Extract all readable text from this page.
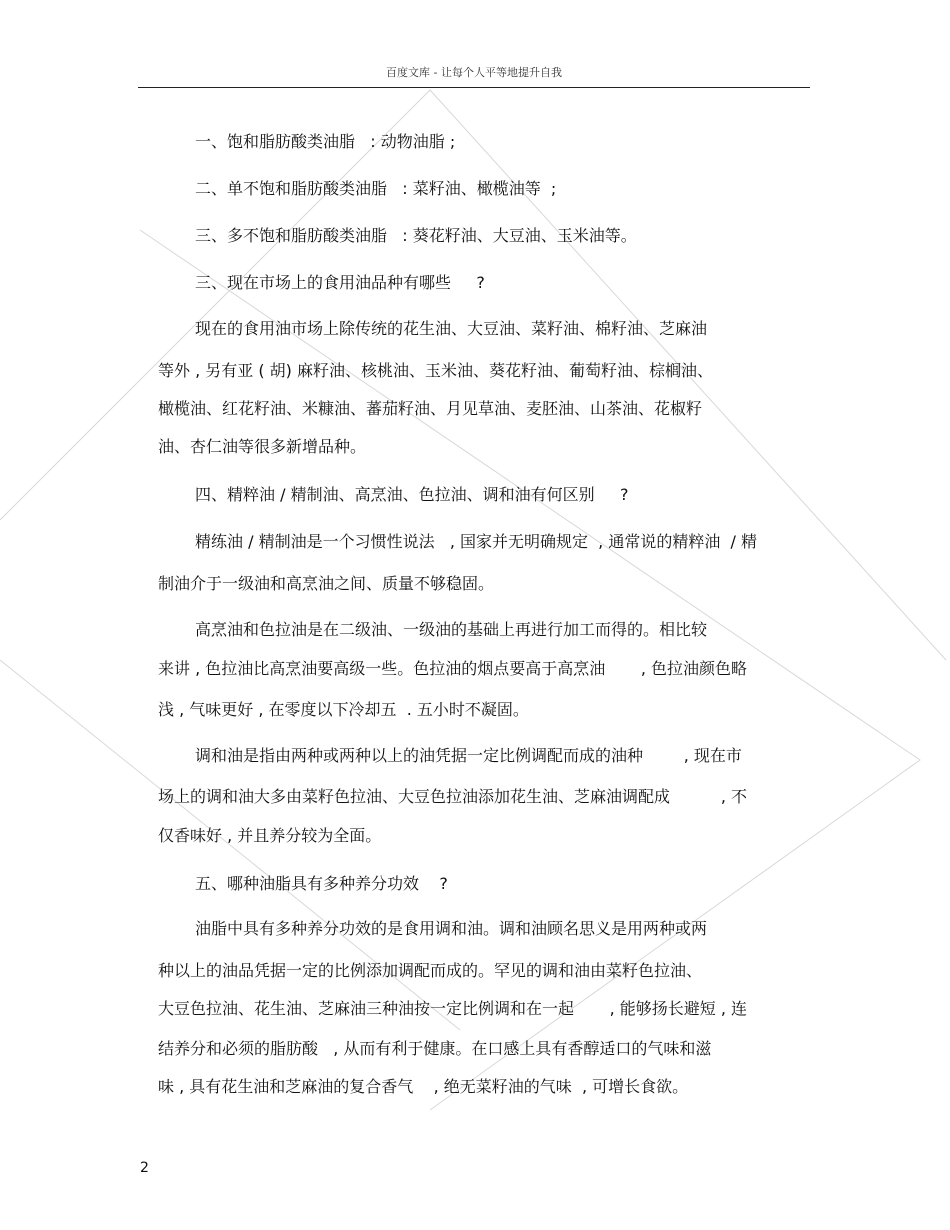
百度文库 - 让每个人平等地提升自我
一、饱和脂肪酸类油脂   : 动物油脂 ;
二、单不饱和脂肪酸类油脂   : 菜籽油、橄榄油等  ;
三、多不饱和脂肪酸类油脂   : 葵花籽油、大豆油、玉米油等。
三、现在市场上的食用油品种有哪些     ?
现在的食用油市场上除传统的花生油、大豆油、菜籽油、棉籽油、芝麻油
等外 , 另有亚 ( 胡) 麻籽油、核桃油、玉米油、葵花籽油、葡萄籽油、棕榈油、
橄榄油、红花籽油、米糠油、蕃茄籽油、月见草油、麦胚油、山茶油、花椒籽
油、杏仁油等很多新增品种。
四、精粹油 / 精制油、高烹油、色拉油、调和油有何区别     ?
精练油 / 精制油是一个习惯性说法   , 国家并无明确规定  , 通常说的精粹油  / 精
制油介于一级油和高烹油之间、质量不够稳固。
高烹油和色拉油是在二级油、一级油的基础上再进行加工而得的。相比较
来讲 , 色拉油比高烹油要高级一些。色拉油的烟点要高于高烹油       , 色拉油颜色略
浅 , 气味更好 , 在零度以下冷却五  . 五小时不凝固。
调和油是指由两种或两种以上的油凭据一定比例调配而成的油种        , 现在市
场上的调和油大多由菜籽色拉油、大豆色拉油添加花生油、芝麻油调配成          , 不
仅香味好 , 并且养分较为全面。
五、哪种油脂具有多种养分功效    ?
油脂中具有多种养分功效的是食用调和油。调和油顾名思义是用两种或两
种以上的油品凭据一定的比例添加调配而成的。罕见的调和油由菜籽色拉油、
大豆色拉油、花生油、芝麻油三种油按一定比例调和在一起       , 能够扬长避短 , 连
结养分和必须的脂肪酸   , 从而有利于健康。在口感上具有香醇适口的气味和滋
味 , 具有花生油和芝麻油的复合香气    , 绝无菜籽油的气味  , 可增长食欲。
2
